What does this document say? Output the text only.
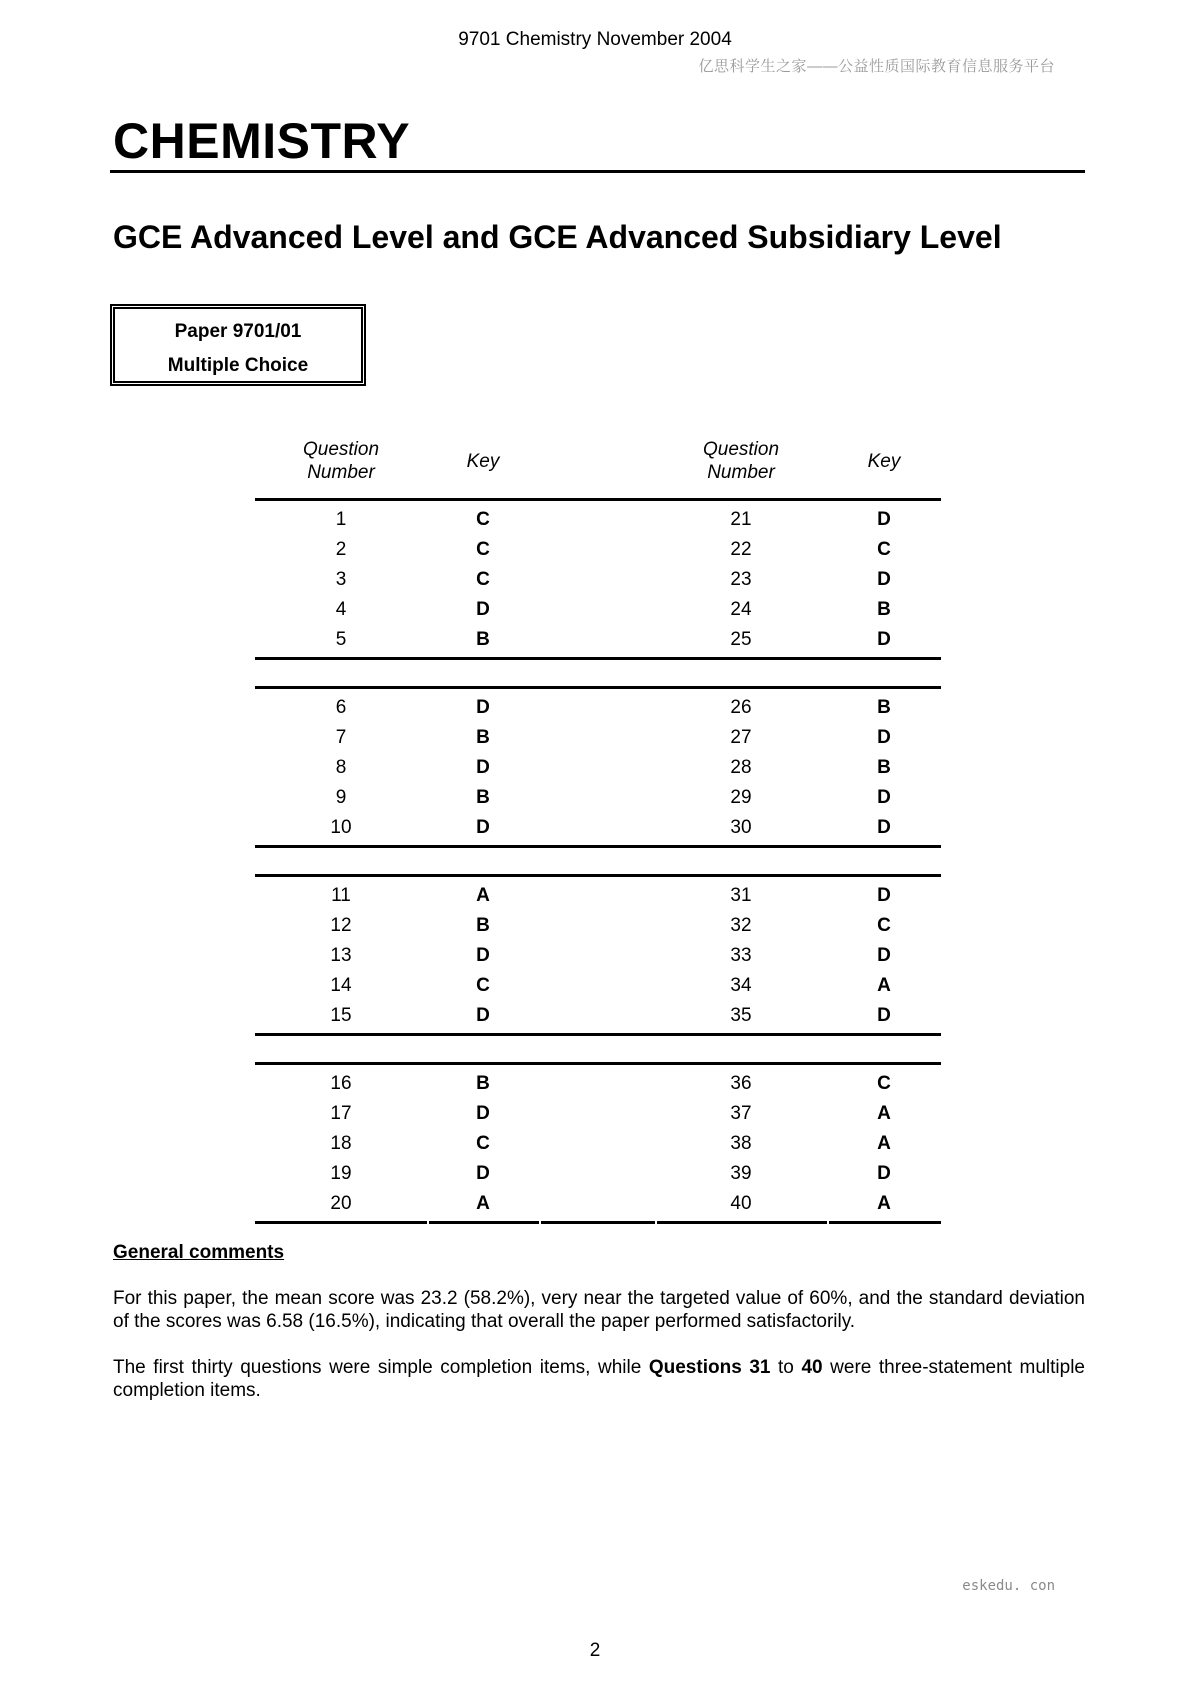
9701 Chemistry November 2004
亿思科学生之家——公益性质国际教育信息服务平台
CHEMISTRY
GCE Advanced Level and GCE Advanced Subsidiary Level
Paper 9701/01
Multiple Choice
Question
Number
Key
Question
Number
Key
1	C	21	D
2	C	22	C
3	C	23	D
4	D	24	B
5	B	25	D
6	D	26	B
7	B	27	D
8	D	28	B
9	B	29	D
10	D	30	D
11	A	31	D
12	B	32	C
13	D	33	D
14	C	34	A
15	D	35	D
16	B	36	C
17	D	37	A
18	C	38	A
19	D	39	D
20	A	40	A
General comments
For this paper, the mean score was 23.2 (58.2%), very near the targeted value of 60%, and the standard deviation of the scores was 6.58 (16.5%), indicating that overall the paper performed satisfactorily.
The first thirty questions were simple completion items, while Questions 31 to 40 were three-statement multiple completion items.
eskedu. con
2
